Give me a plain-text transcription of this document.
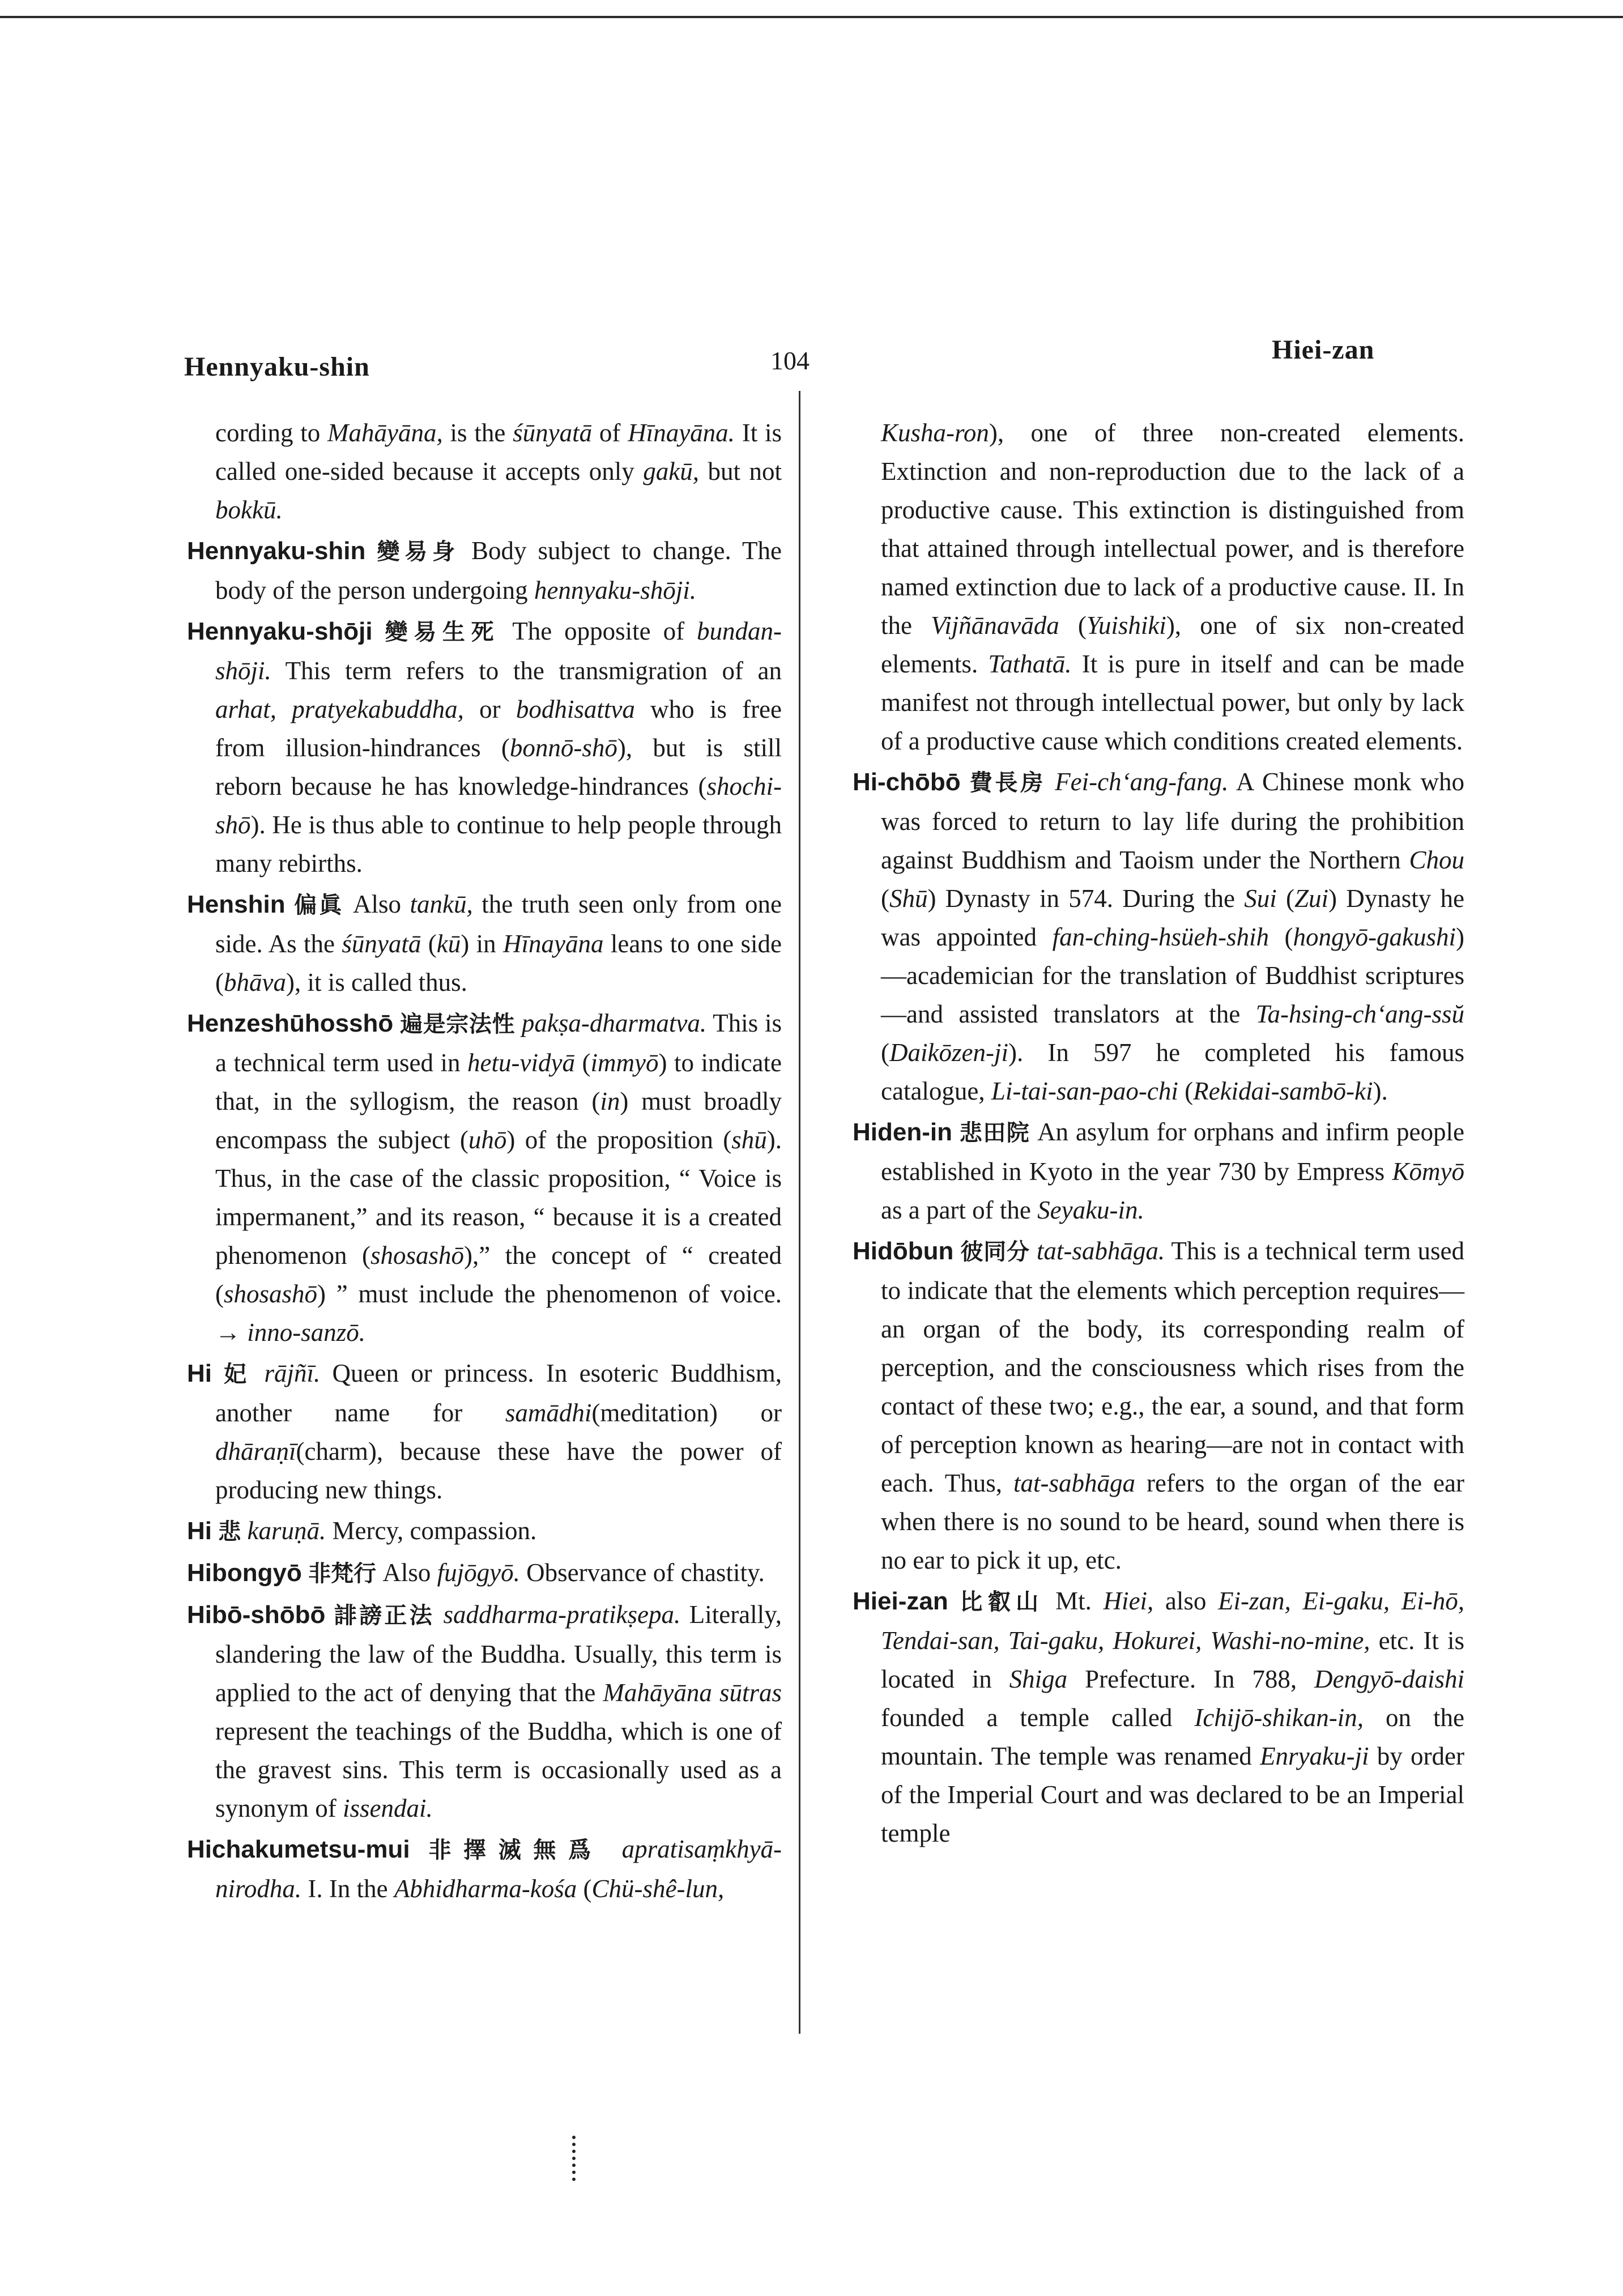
Hennyaku-shin	104	Hiei-zan

cording to Mahāyāna, is the śūnyatā of Hīnayāna. It is called one-sided because it accepts only gakū, but not bokkū.

Hennyaku-shin 變易身 Body subject to change. The body of the person undergoing hennyaku-shōji.

Hennyaku-shōji 變易生死 The opposite of bundan-shōji. This term refers to the transmigration of an arhat, pratyekabuddha, or bodhisattva who is free from illusion-hindrances (bonnō-shō), but is still reborn because he has knowledge-hindrances (shochi-shō). He is thus able to continue to help people through many rebirths.

Henshin 偏眞 Also tankū, the truth seen only from one side. As the śūnyatā (kū) in Hīnayāna leans to one side (bhāva), it is called thus.

Henzeshūhosshō 遍是宗法性 pakṣa-dharmatva. This is a technical term used in hetu-vidyā (immyō) to indicate that, in the syllogism, the reason (in) must broadly encompass the subject (uhō) of the proposition (shū). Thus, in the case of the classic proposition, “ Voice is impermanent,” and its reason, “ because it is a created phenomenon (shosashō),” the concept of “ created (shosashō) ” must include the phenomenon of voice. → inno-sanzō.

Hi 妃 rājñī. Queen or princess. In esoteric Buddhism, another name for samādhi(meditation) or dhāraṇī(charm), because these have the power of producing new things.

Hi 悲 karuṇā. Mercy, compassion.

Hibongyō 非梵行 Also fujōgyō. Observance of chastity.

Hibō-shōbō 誹謗正法 saddharma-pratikṣepa. Literally, slandering the law of the Buddha. Usually, this term is applied to the act of denying that the Mahāyāna sūtras represent the teachings of the Buddha, which is one of the gravest sins. This term is occasionally used as a synonym of issendai.

Hichakumetsu-mui 非擇滅無爲 apratisaṃkhyā-nirodha. I. In the Abhidharma-kośa (Chü-shê-lun,

Kusha-ron), one of three non-created elements. Extinction and non-reproduction due to the lack of a productive cause. This extinction is distinguished from that attained through intellectual power, and is therefore named extinction due to lack of a productive cause. II. In the Vijñānavāda (Yuishiki), one of six non-created elements. Tathatā. It is pure in itself and can be made manifest not through intellectual power, but only by lack of a productive cause which conditions created elements.

Hi-chōbō 費長房 Fei-ch‘ang-fang. A Chinese monk who was forced to return to lay life during the prohibition against Buddhism and Taoism under the Northern Chou (Shū) Dynasty in 574. During the Sui (Zui) Dynasty he was appointed fan-ching-hsüeh-shih (hongyō-gakushi) —academician for the translation of Buddhist scriptures—and assisted translators at the Ta-hsing-ch‘ang-ssŭ (Daikōzen-ji). In 597 he completed his famous catalogue, Li-tai-san-pao-chi (Rekidai-sambō-ki).

Hiden-in 悲田院 An asylum for orphans and infirm people established in Kyoto in the year 730 by Empress Kōmyō as a part of the Seyaku-in.

Hidōbun 彼同分 tat-sabhāga. This is a technical term used to indicate that the elements which perception requires—an organ of the body, its corresponding realm of perception, and the consciousness which rises from the contact of these two; e.g., the ear, a sound, and that form of perception known as hearing—are not in contact with each. Thus, tat-sabhāga refers to the organ of the ear when there is no sound to be heard, sound when there is no ear to pick it up, etc.

Hiei-zan 比叡山 Mt. Hiei, also Ei-zan, Ei-gaku, Ei-hō, Tendai-san, Tai-gaku, Hokurei, Washi-no-mine, etc. It is located in Shiga Prefecture. In 788, Dengyō-daishi founded a temple called Ichijō-shikan-in, on the mountain. The temple was renamed Enryaku-ji by order of the Imperial Court and was declared to be an Imperial temple
